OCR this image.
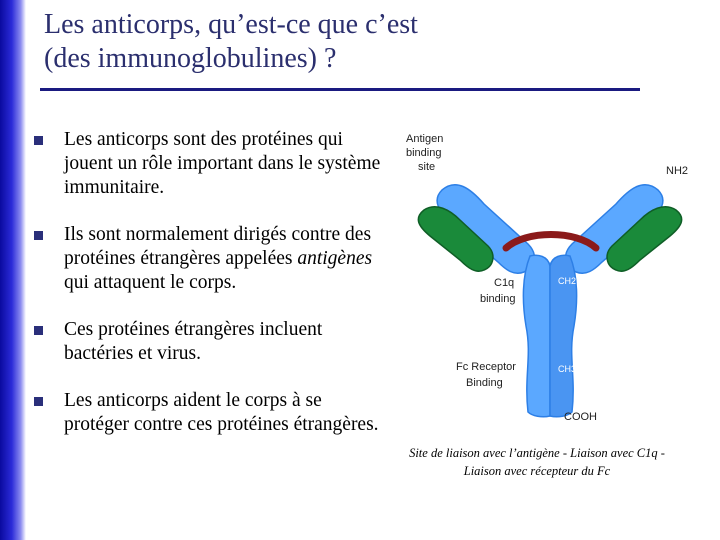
Les anticorps, qu’est-ce que c’est
(des immunoglobulines) ?
Les anticorps sont des protéines qui jouent un rôle important dans le système immunitaire.
Ils sont normalement dirigés contre des protéines étrangères appelées antigènes qui attaquent le corps.
Ces protéines étrangères incluent bactéries et virus.
Les anticorps aident le corps à se protéger contre ces protéines étrangères.
Antigen
binding
site	NH2
CH1
C1q
binding
CH2
Fc Receptor
Binding
CH3
COOH
Site de liaison avec l’antigène - Liaison avec C1q -
Liaison avec récepteur du Fc
